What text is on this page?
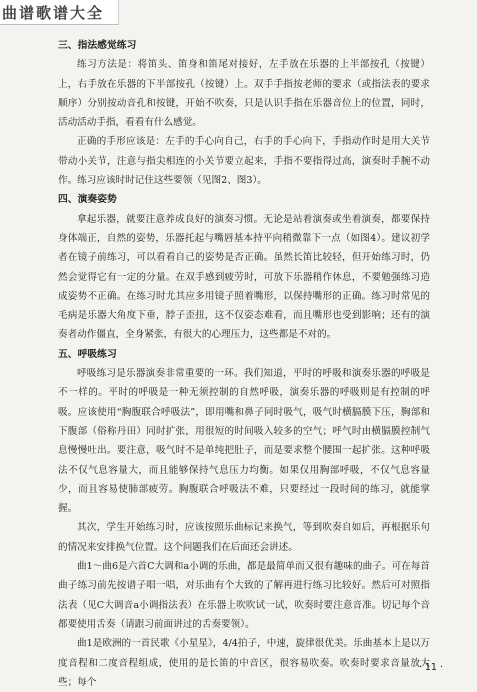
曲谱歌谱大全
三、指法感觉练习

练习方法是：将笛头、笛身和笛尾对接好，左手放在乐器的上半部按孔（按键）上，右手放在乐器的下半部按孔（按键）上。双手手指按老师的要求（或指法表的要求顺序）分别按动音孔和按键，开始不吹奏，只是认识手指在乐器音位上的位置，同时，活动活动手指，看看有什么感觉。

正确的手形应该是：左手的手心向自己，右手的手心向下，手指动作时是用大关节带动小关节，注意与指尖相连的小关节要立起来，手指不要指得过高，演奏时手腕不动作。练习应该时时记住这些要领（见图2、图3）。

四、演奏姿势

拿起乐器，就要注意养成良好的演奏习惯。无论是站着演奏或坐着演奏，都要保持身体端正，自然的姿势，乐器托起与嘴唇基本持平向稍微靠下一点（如图4）。建议初学者在镜子前练习，可以看看自己的姿势是否正确。虽然长笛比较轻，但开始练习时，仍然会觉得它有一定的分量。在双手感到疲劳时，可放下乐器稍作休息，不要勉强练习造成姿势不正确。在练习时尤其应多用镜子照着嘴形，以保持嘴形的正确。练习时常见的毛病是乐器大角度下垂，脖子歪扭，这不仅姿态难看，而且嘴形也受到影响；还有的演奏者动作僵直，全身紧张，有很大的心理压力，这些都是不对的。

五、呼吸练习

呼吸练习是乐器演奏非常重要的一环。我们知道，平时的呼吸和演奏乐器的呼吸是不一样的。平时的呼吸是一种无须控制的自然呼吸，演奏乐器的呼吸则是有控制的呼吸。应该使用“胸腹联合呼吸法”，即用嘴和鼻子同时吸气，吸气时横膈膜下压，胸部和下腹部（俗称丹田）同时扩张，用很短的时间吸入较多的空气；呼气时由横膈膜控制气息慢慢吐出。要注意，吸气时不是单纯把肚子，而是要求整个腰围一起扩张。这种呼吸法不仅气息容量大，而且能够保持气息压力均衡。如果仅用胸部呼吸，不仅气息容量少，而且容易使肺部疲劳。胸腹联合呼吸法不难，只要经过一段时间的练习，就能掌握。

其次，学生开始练习时，应该按照乐曲标记来换气，等到吹奏自如后，再根据乐句的情况来安排换气位置。这个问题我们在后面还会讲述。

曲1～曲6是六首C大调和a小调的乐曲，都是最简单而又很有趣味的曲子。可在每首曲子练习前先按谱子唱一唱，对乐曲有个大致的了解再进行练习比较好。然后可对照指法表（见C大调音a小调指法表）在乐器上吹吹试一试，吹奏时要注意音准。切记每个音都要使用舌奏（请跟习前面讲过的舌奏要领）。

曲1是欧洲的一首民歌《小星星》，4/4拍子，中速，旋律很优美。乐曲基本上是以万度音程和二度音程组成，使用的是长笛的中音区，很容易吹奏。吹奏时要求音量放大些；每个

· 11 ·
